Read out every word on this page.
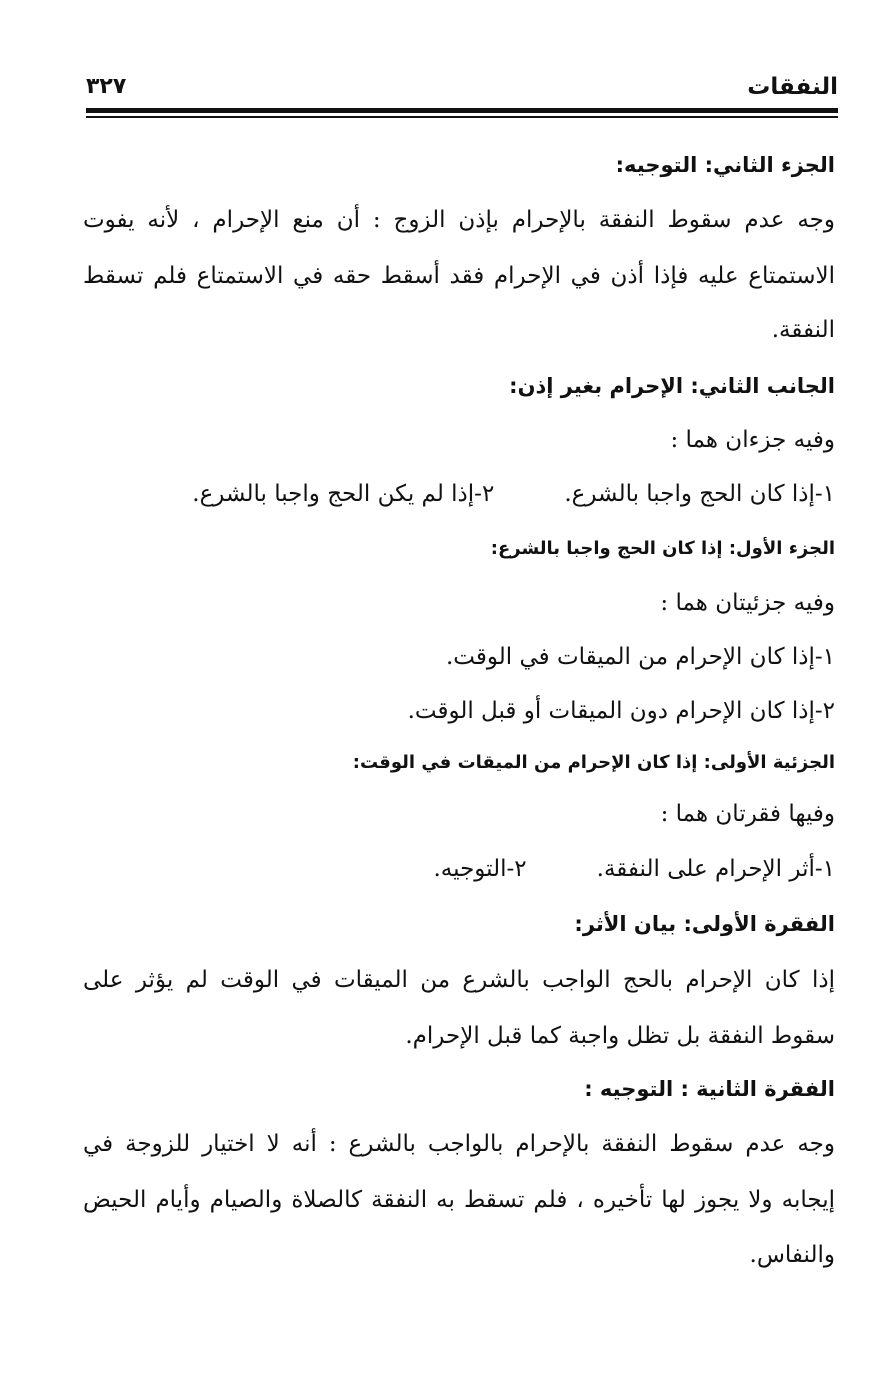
النفقات
٣٢٧
الجزء الثاني: التوجيه:
وجه عدم سقوط النفقة بالإحرام بإذن الزوج : أن منع الإحرام ، لأنه يفوت
الاستمتاع عليه فإذا أذن في الإحرام فقد أسقط حقه في الاستمتاع فلم تسقط
النفقة.
الجانب الثاني: الإحرام بغير إذن:
وفيه جزءان هما :
١-إذا كان الحج واجبا بالشرع.٢-إذا لم يكن الحج واجبا بالشرع.
الجزء الأول: إذا كان الحج واجبا بالشرع:
وفيه جزئيتان هما :
١-إذا كان الإحرام من الميقات في الوقت.
٢-إذا كان الإحرام دون الميقات أو قبل الوقت.
الجزئية الأولى: إذا كان الإحرام من الميقات في الوقت:
وفيها فقرتان هما :
١-أثر الإحرام على النفقة.٢-التوجيه.
الفقرة الأولى: بيان الأثر:
إذا كان الإحرام بالحج الواجب بالشرع من الميقات في الوقت لم يؤثر على
سقوط النفقة بل تظل واجبة كما قبل الإحرام.
الفقرة الثانية : التوجيه :
وجه عدم سقوط النفقة بالإحرام بالواجب بالشرع : أنه لا اختيار للزوجة في
إيجابه ولا يجوز لها تأخيره ، فلم تسقط به النفقة كالصلاة والصيام وأيام الحيض
والنفاس.
